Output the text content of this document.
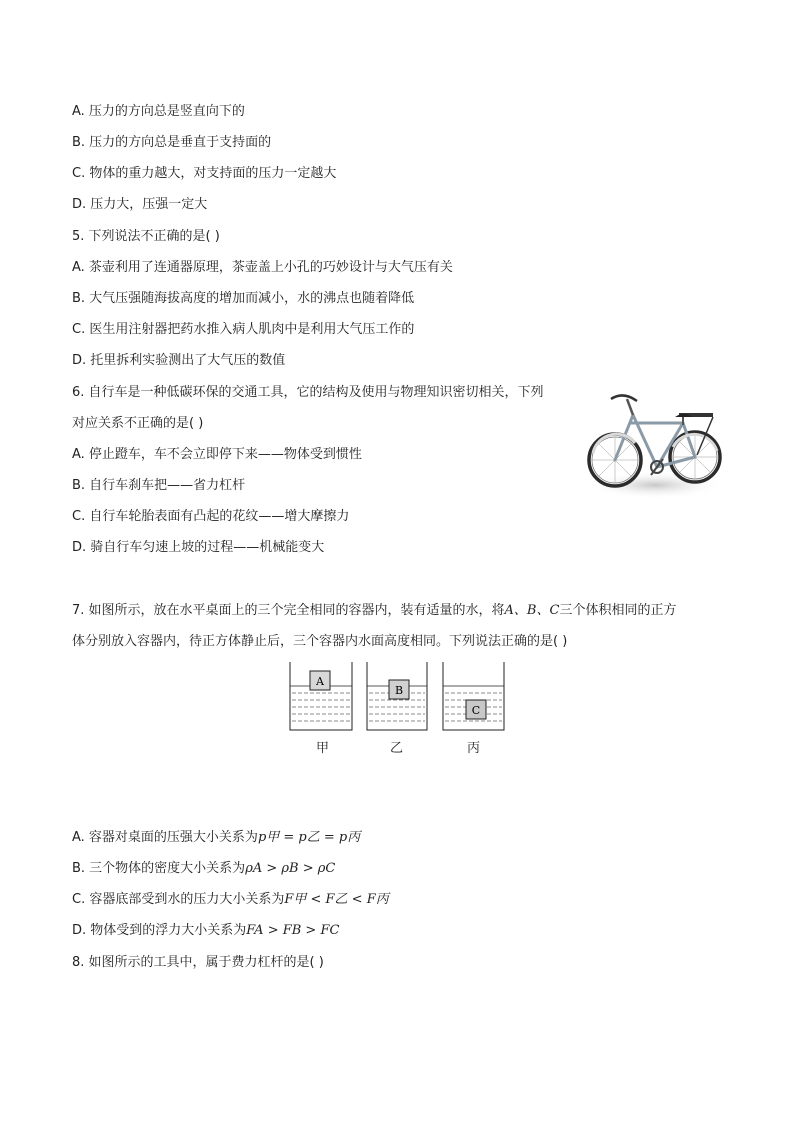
A. 压力的方向总是竖直向下的
B. 压力的方向总是垂直于支持面的
C. 物体的重力越大，对支持面的压力一定越大
D. 压力大，压强一定大
5. 下列说法不正确的是( )
A. 茶壶利用了连通器原理，茶壶盖上小孔的巧妙设计与大气压有关
B. 大气压强随海拔高度的增加而减小，水的沸点也随着降低
C. 医生用注射器把药水推入病人肌肉中是利用大气压工作的
D. 托里拆利实验测出了大气压的数值
6. 自行车是一种低碳环保的交通工具，它的结构及使用与物理知识密切相关，下列
对应关系不正确的是( )
A. 停止蹬车，车不会立即停下来——物体受到惯性
B. 自行车刹车把——省力杠杆
C. 自行车轮胎表面有凸起的花纹——增大摩擦力
D. 骑自行车匀速上坡的过程——机械能变大
7. 如图所示，放在水平桌面上的三个完全相同的容器内，装有适量的水，将A、B、C三个体积相同的正方
体分别放入容器内，待正方体静止后，三个容器内水面高度相同。下列说法正确的是( )
A
B
C
甲	乙	丙
A. 容器对桌面的压强大小关系为p甲 = p乙 = p丙
B. 三个物体的密度大小关系为ρA > ρB > ρC
C. 容器底部受到水的压力大小关系为F甲 < F乙 < F丙
D. 物体受到的浮力大小关系为FA > FB > FC
8. 如图所示的工具中，属于费力杠杆的是( )
